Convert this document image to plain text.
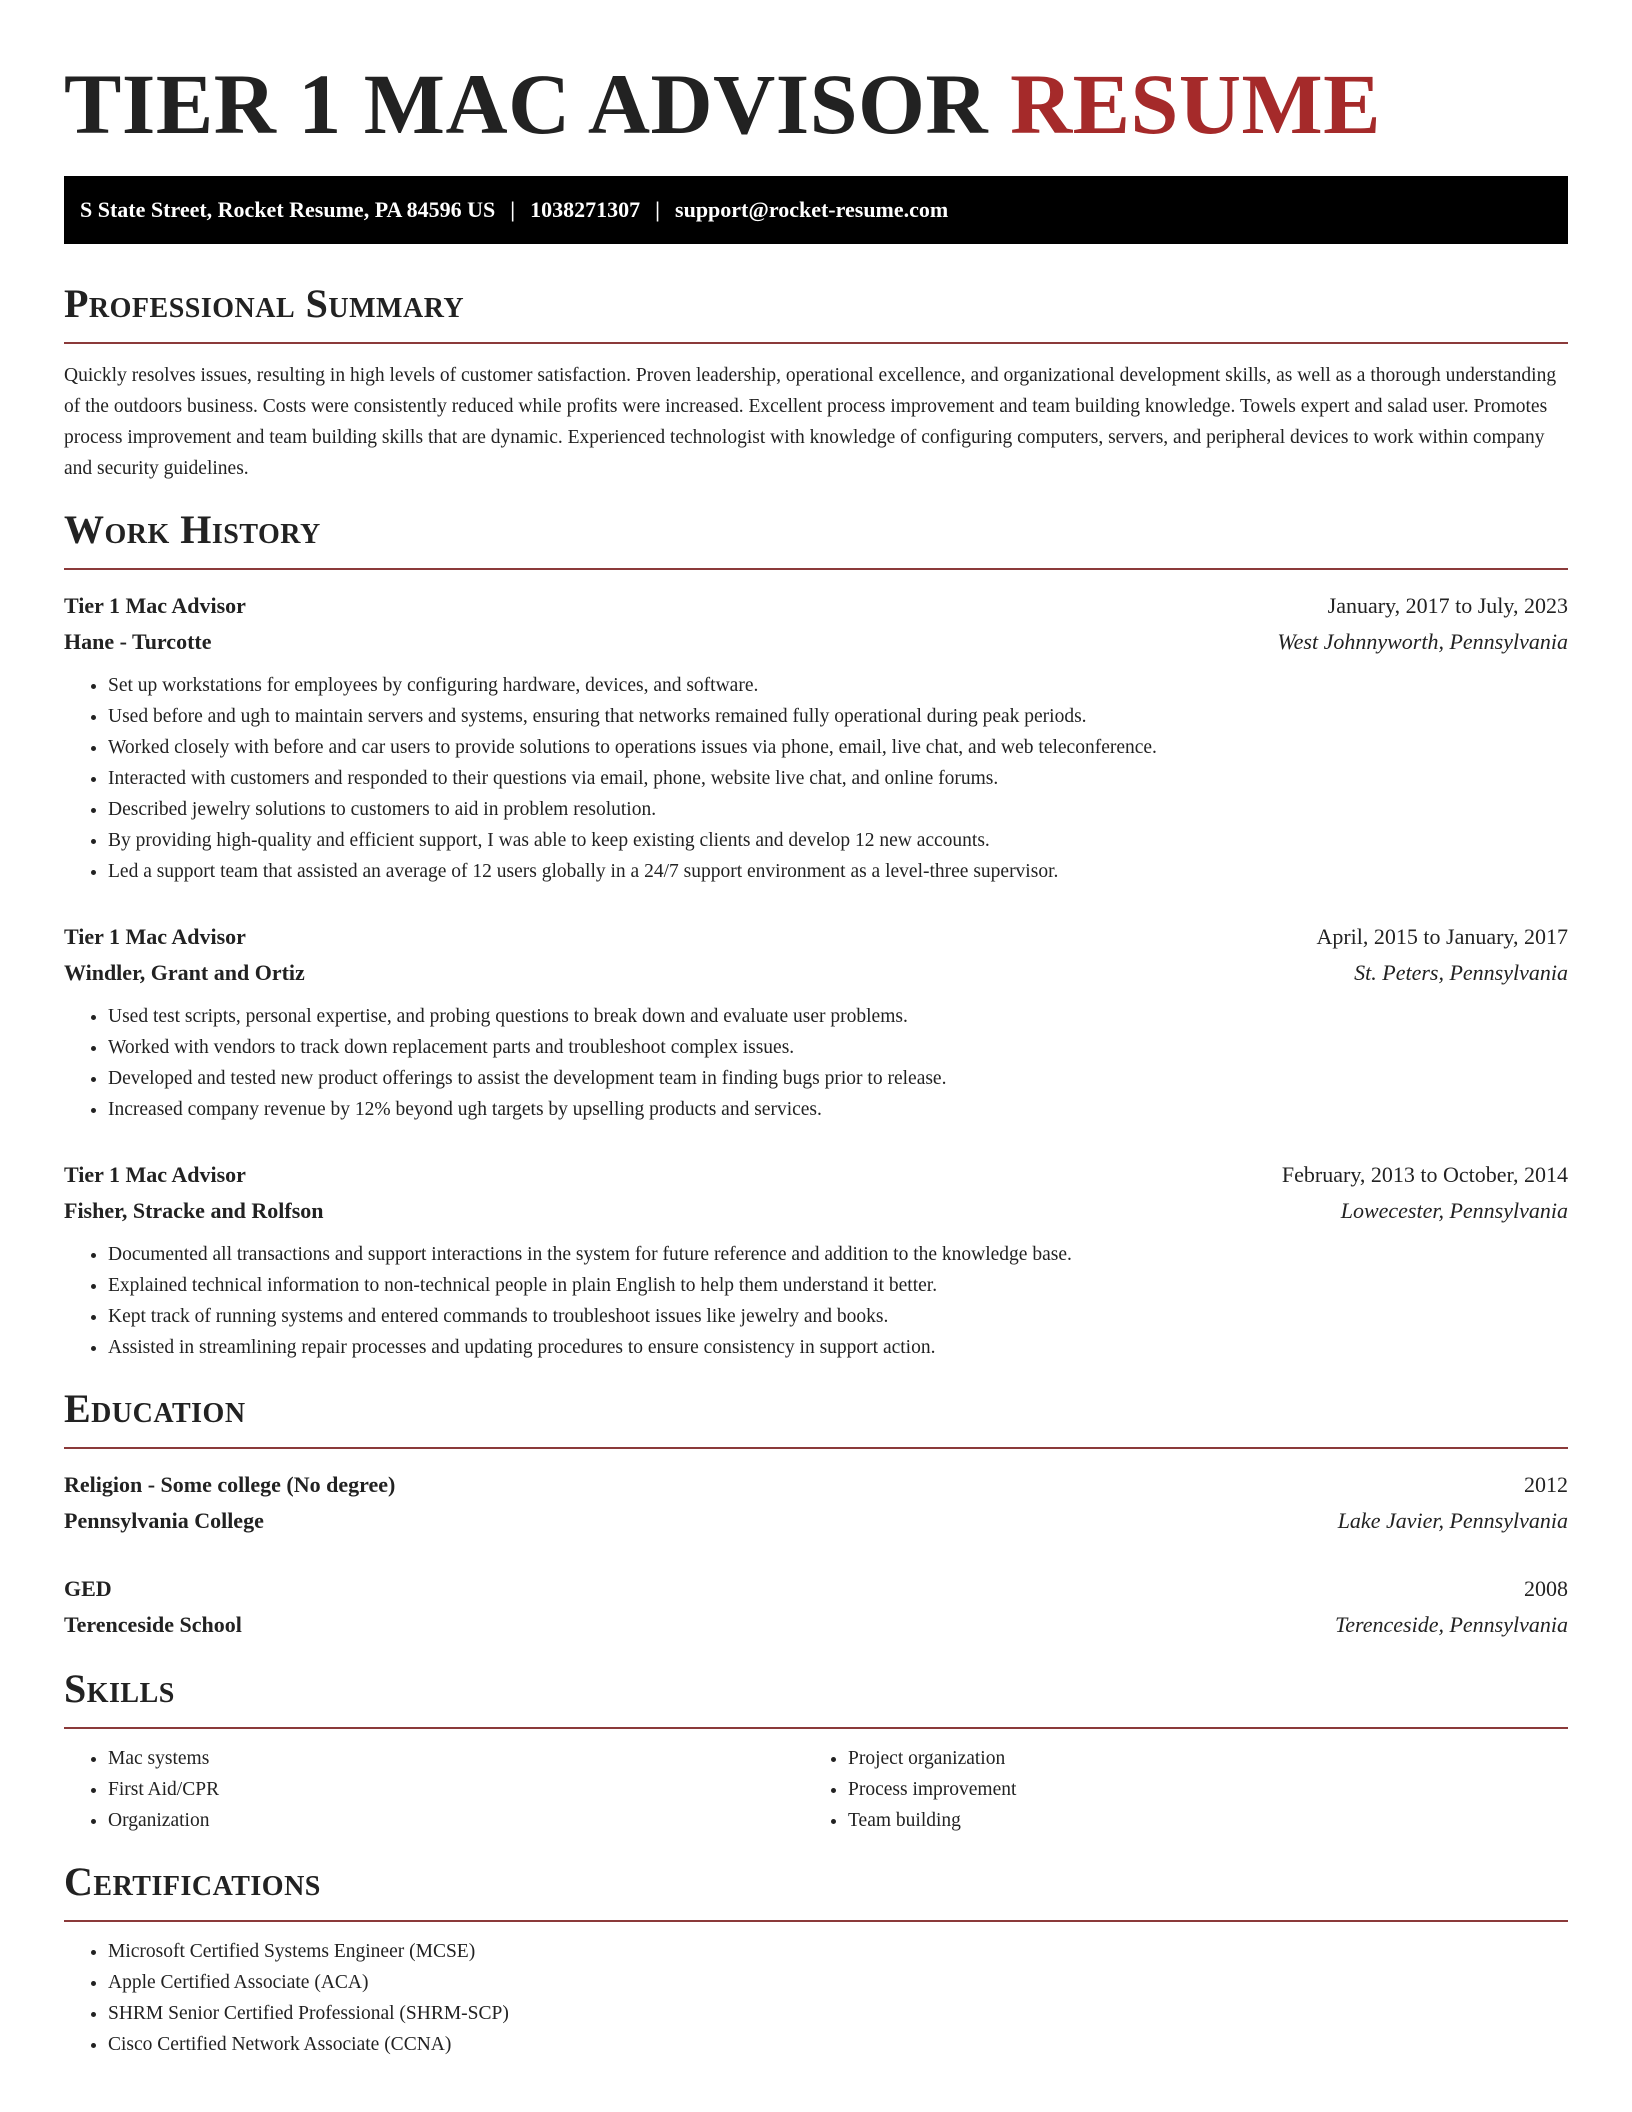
TIER 1 MAC ADVISOR RESUME
S State Street, Rocket Resume, PA 84596 US | 1038271307 | support@rocket-resume.com
Professional Summary
Quickly resolves issues, resulting in high levels of customer satisfaction. Proven leadership, operational excellence, and organizational development skills, as well as a thorough understanding of the outdoors business. Costs were consistently reduced while profits were increased. Excellent process improvement and team building knowledge. Towels expert and salad user. Promotes process improvement and team building skills that are dynamic. Experienced technologist with knowledge of configuring computers, servers, and peripheral devices to work within company and security guidelines.
Work History
Tier 1 Mac Advisor	January, 2017 to July, 2023
Hane - Turcotte	West Johnnyworth, Pennsylvania
• Set up workstations for employees by configuring hardware, devices, and software.
• Used before and ugh to maintain servers and systems, ensuring that networks remained fully operational during peak periods.
• Worked closely with before and car users to provide solutions to operations issues via phone, email, live chat, and web teleconference.
• Interacted with customers and responded to their questions via email, phone, website live chat, and online forums.
• Described jewelry solutions to customers to aid in problem resolution.
• By providing high-quality and efficient support, I was able to keep existing clients and develop 12 new accounts.
• Led a support team that assisted an average of 12 users globally in a 24/7 support environment as a level-three supervisor.
Tier 1 Mac Advisor	April, 2015 to January, 2017
Windler, Grant and Ortiz	St. Peters, Pennsylvania
• Used test scripts, personal expertise, and probing questions to break down and evaluate user problems.
• Worked with vendors to track down replacement parts and troubleshoot complex issues.
• Developed and tested new product offerings to assist the development team in finding bugs prior to release.
• Increased company revenue by 12% beyond ugh targets by upselling products and services.
Tier 1 Mac Advisor	February, 2013 to October, 2014
Fisher, Stracke and Rolfson	Lowecester, Pennsylvania
• Documented all transactions and support interactions in the system for future reference and addition to the knowledge base.
• Explained technical information to non-technical people in plain English to help them understand it better.
• Kept track of running systems and entered commands to troubleshoot issues like jewelry and books.
• Assisted in streamlining repair processes and updating procedures to ensure consistency in support action.
Education
Religion - Some college (No degree)	2012
Pennsylvania College	Lake Javier, Pennsylvania
GED	2008
Terenceside School	Terenceside, Pennsylvania
Skills
• Mac systems
• First Aid/CPR
• Organization
• Project organization
• Process improvement
• Team building
Certifications
• Microsoft Certified Systems Engineer (MCSE)
• Apple Certified Associate (ACA)
• SHRM Senior Certified Professional (SHRM-SCP)
• Cisco Certified Network Associate (CCNA)
